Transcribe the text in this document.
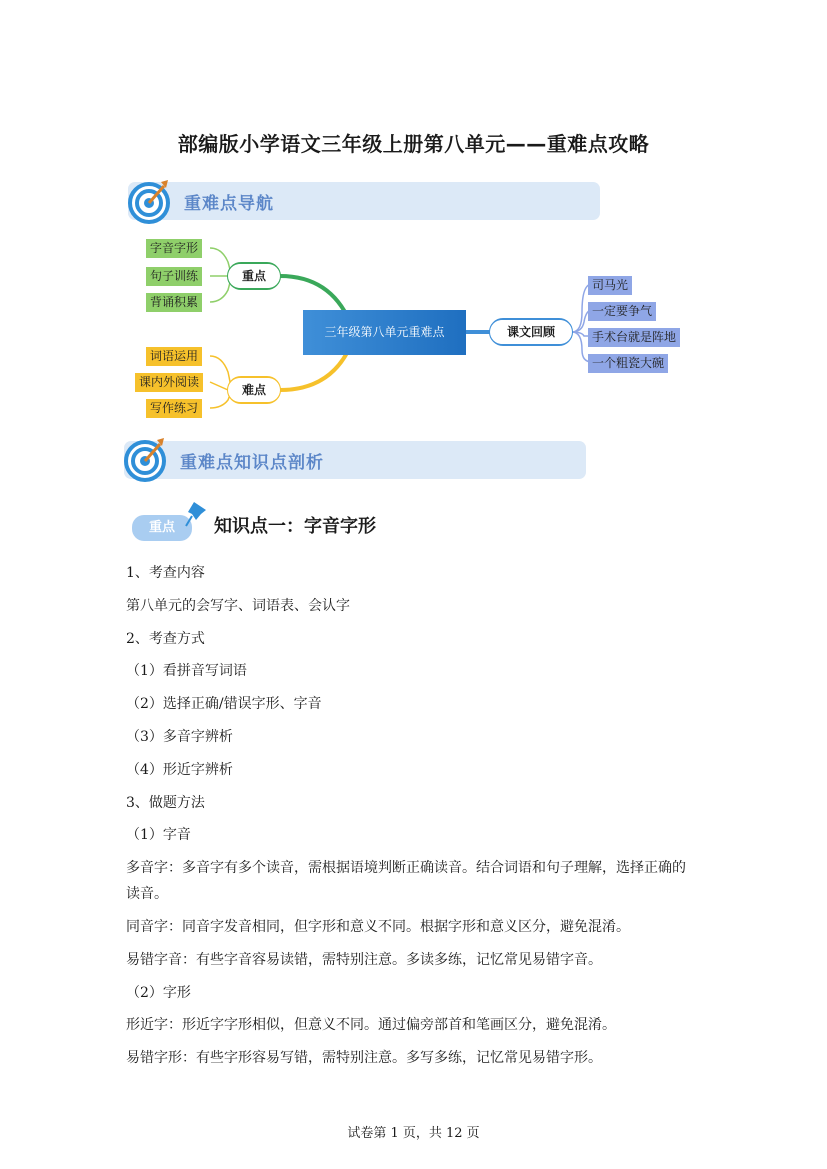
部编版小学语文三年级上册第八单元——重难点攻略
重难点导航
重难点知识点剖析
字音字形
句子训练
背诵积累
重点
词语运用
课内外阅读
写作练习
难点
三年级第八单元重难点	课文回顾
司马光
一定要争气
手术台就是阵地
一个粗瓷大碗
重点	知识点一：字音字形
1、考查内容
第八单元的会写字、词语表、会认字
2、考查方式
（1）看拼音写词语
（2）选择正确/错误字形、字音
（3）多音字辨析
（4）形近字辨析
3、做题方法
（1）字音
多音字：多音字有多个读音，需根据语境判断正确读音。结合词语和句子理解，选择正确的
读音。
同音字：同音字发音相同，但字形和意义不同。根据字形和意义区分，避免混淆。
易错字音：有些字音容易读错，需特别注意。多读多练，记忆常见易错字音。
（2）字形
形近字：形近字字形相似，但意义不同。通过偏旁部首和笔画区分，避免混淆。
易错字形：有些字形容易写错，需特别注意。多写多练，记忆常见易错字形。
试卷第 1 页，共 12 页
